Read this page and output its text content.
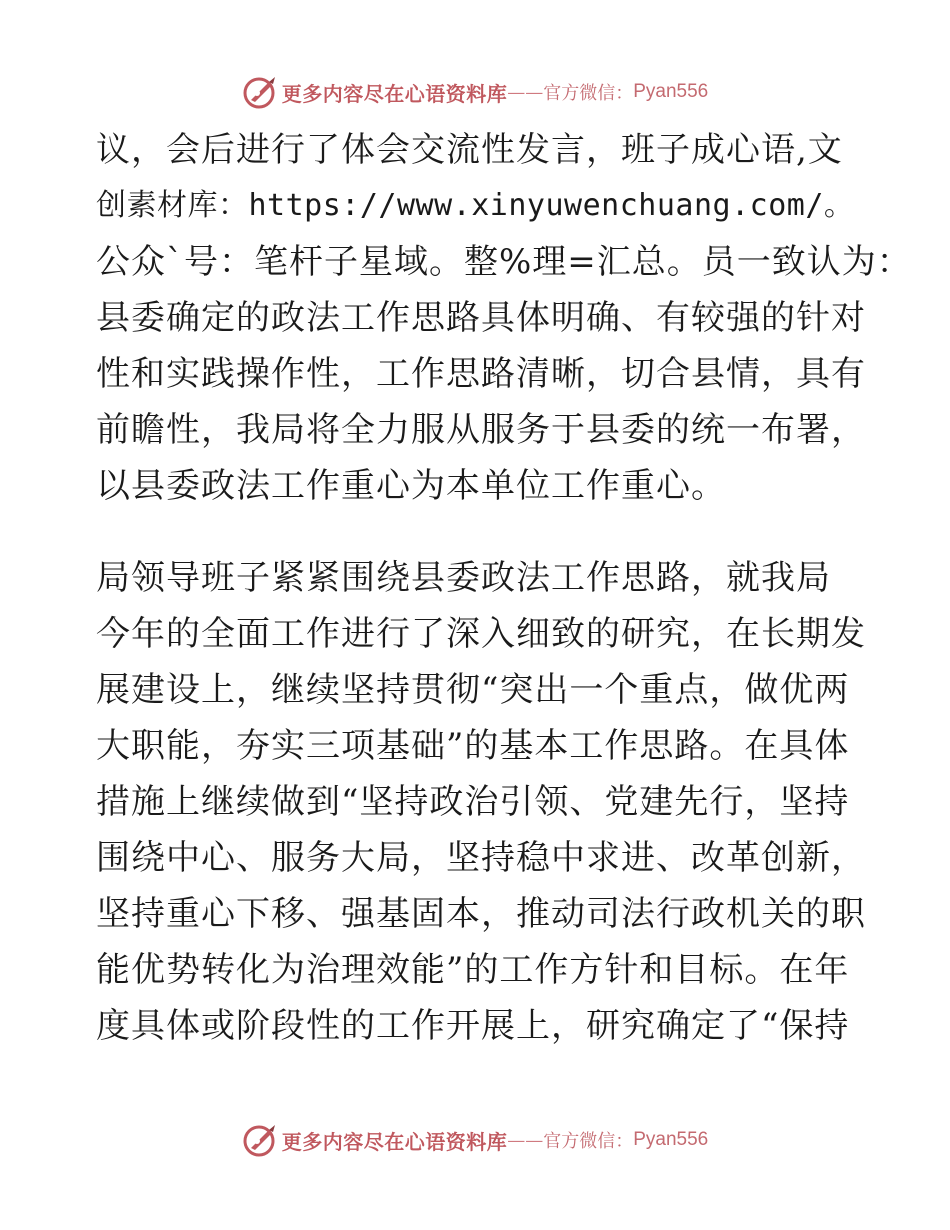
更多内容尽在心语资料库 —— 官方微信： Pyan556
议，会后进行了体会交流性发言，班子成心语,文
创素材库：https://www.xinyuwenchuang.com/。
公众`号：笔杆子星域。整%理=汇总。员一致认为：
县委确定的政法工作思路具体明确、有较强的针对
性和实践操作性，工作思路清晰，切合县情，具有
前瞻性，我局将全力服从服务于县委的统一布署，
以县委政法工作重心为本单位工作重心。
局领导班子紧紧围绕县委政法工作思路，就我局
今年的全面工作进行了深入细致的研究，在长期发
展建设上，继续坚持贯彻“突出一个重点，做优两
大职能，夯实三项基础”的基本工作思路。在具体
措施上继续做到“坚持政治引领、党建先行，坚持
围绕中心、服务大局，坚持稳中求进、改革创新，
坚持重心下移、强基固本，推动司法行政机关的职
能优势转化为治理效能”的工作方针和目标。在年
度具体或阶段性的工作开展上，研究确定了“保持
更多内容尽在心语资料库 —— 官方微信： Pyan556
